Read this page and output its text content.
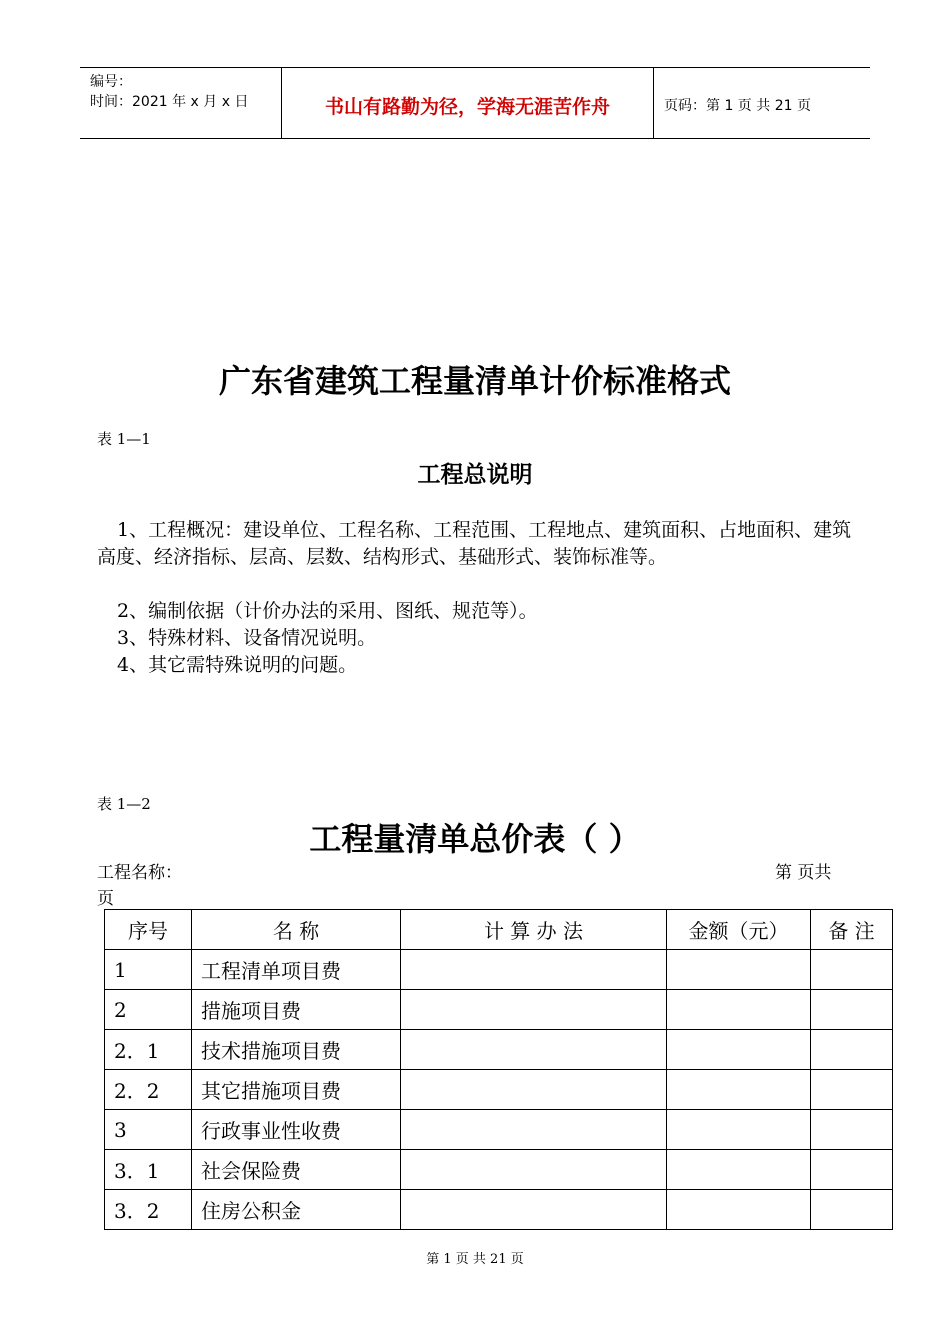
编号：
时间：2021 年 x 月 x 日	书山有路勤为径，学海无涯苦作舟	页码：第 1 页 共 21 页
广东省建筑工程量清单计价标准格式
表 1—1
工程总说明

1、工程概况：建设单位、工程名称、工程范围、工程地点、建筑面积、占地面积、建筑高度、经济指标、层高、层数、结构形式、基础形式、装饰标准等。

2、编制依据（计价办法的采用、图纸、规范等）。

3、特殊材料、设备情况说明。

4、其它需特殊说明的问题。

表 1—2
工程量清单总价表（ ）
工程名称：	第 页共
页
序号	名 称	计 算 办 法	金额（元）	备 注
1	工程清单项目费			
2	措施项目费			
2．1	技术措施项目费			
2．2	其它措施项目费			
3	行政事业性收费			
3．1	社会保险费			
3．2	住房公积金			
第 1 页 共 21 页
